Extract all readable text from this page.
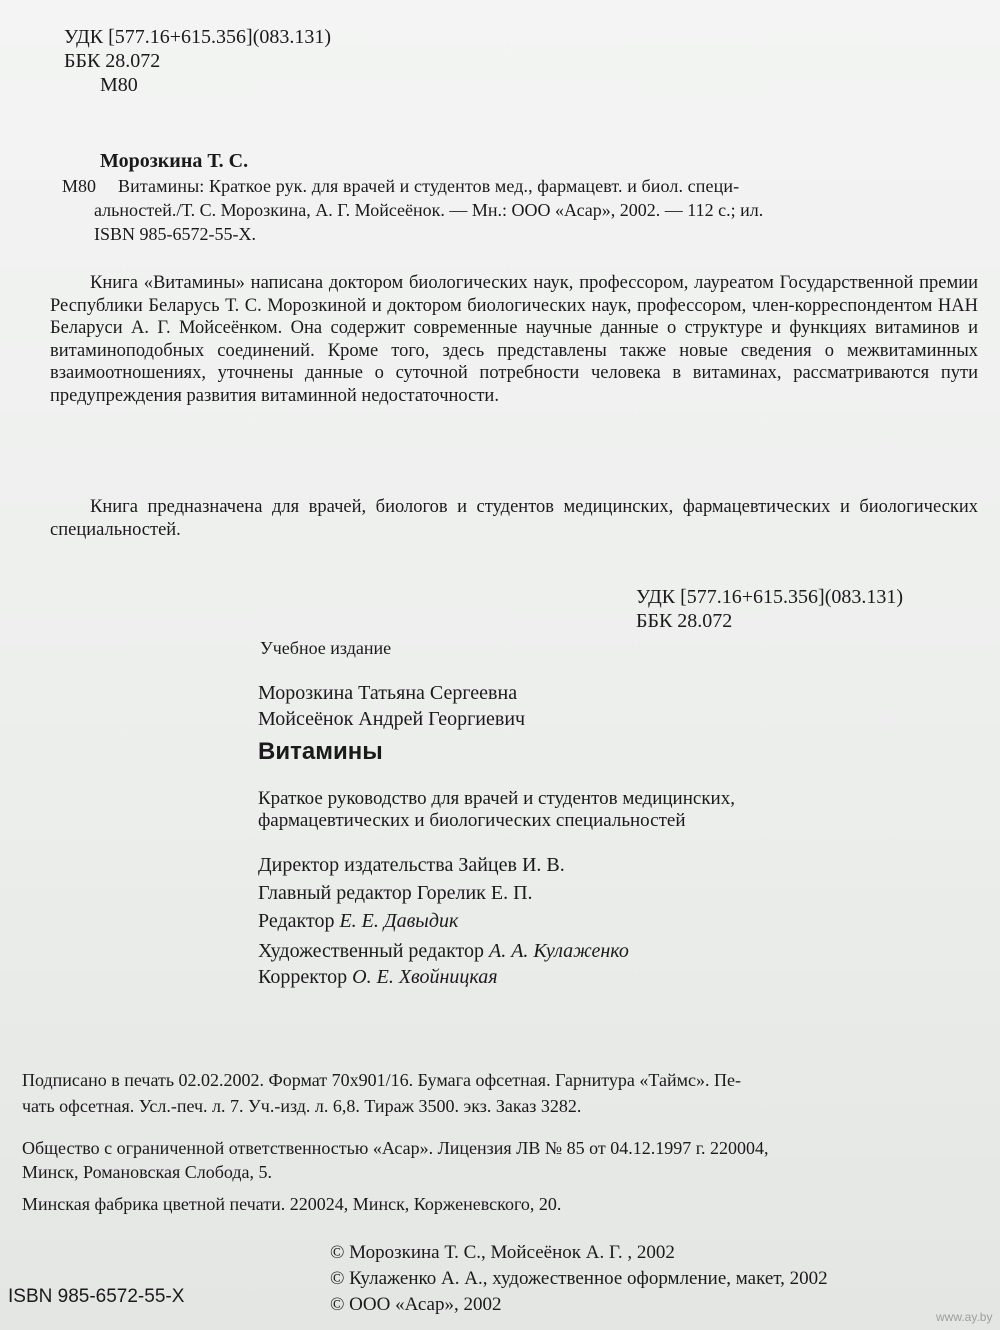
УДК [577.16+615.356](083.131)
ББК 28.072
М80
Морозкина Т. С.
М80 Витамины: Краткое рук. для врачей и студентов мед., фармацевт. и биол. специ-
альностей./Т. С. Морозкина, А. Г. Мойсеёнок. — Мн.: ООО «Асар», 2002. — 112 с.; ил.
ISBN 985-6572-55-X.
Книга «Витамины» написана доктором биологических наук, профессором, лауреатом Государственной премии Республики Беларусь Т. С. Морозкиной и доктором биологических наук, профессором, член-корреспондентом НАН Беларуси А. Г. Мойсеёнком. Она содержит современные научные данные о структуре и функциях витаминов и витаминоподобных соединений. Кроме того, здесь представлены также новые сведения о межвитаминных взаимоотношениях, уточнены данные о суточной потребности человека в витаминах, рассматриваются пути предупреждения развития витаминной недостаточности.
Книга предназначена для врачей, биологов и студентов медицинских, фармацевтических и биологических специальностей.
УДК [577.16+615.356](083.131)
ББК 28.072
Учебное издание
Морозкина Татьяна Сергеевна
Мойсеёнок Андрей Георгиевич
Витамины
Краткое руководство для врачей и студентов медицинских,
фармацевтических и биологических специальностей
Директор издательства Зайцев И. В.
Главный редактор Горелик Е. П.
Редактор Е. Е. Давыдик
Художественный редактор А. А. Кулаженко
Корректор О. Е. Хвойницкая
Подписано в печать 02.02.2002. Формат 70х901/16. Бумага офсетная. Гарнитура «Таймс». Пе-
чать офсетная. Усл.-печ. л. 7. Уч.-изд. л. 6,8. Тираж 3500. экз. Заказ 3282.
Общество с ограниченной ответственностью «Асар». Лицензия ЛВ № 85 от 04.12.1997 г. 220004,
Минск, Романовская Слобода, 5.
Минская фабрика цветной печати. 220024, Минск, Корженевского, 20.
© Морозкина Т. С., Мойсеёнок А. Г. , 2002
© Кулаженко А. А., художественное оформление, макет, 2002
© ООО «Асар», 2002
ISBN 985-6572-55-X
www.ay.by
